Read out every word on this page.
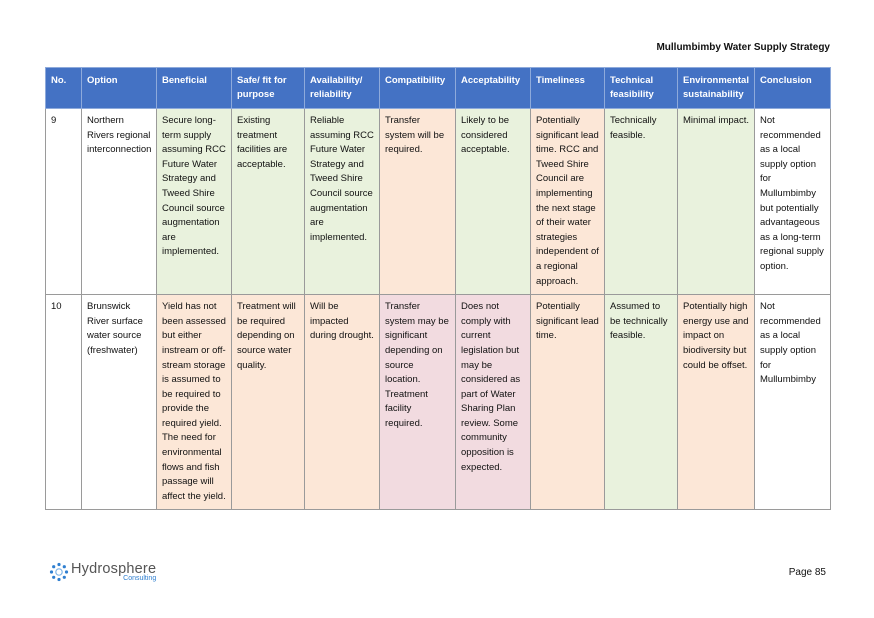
Mullumbimby Water Supply Strategy
No.	Option	Beneficial	Safe/ fit for purpose	Availability/ reliability	Compatibility	Acceptability	Timeliness	Technical feasibility	Environmental sustainability	Conclusion
9	Northern Rivers regional interconnection	Secure long-term supply assuming RCC Future Water Strategy and Tweed Shire Council source augmentation are implemented.	Existing treatment facilities are acceptable.	Reliable assuming RCC Future Water Strategy and Tweed Shire Council source augmentation are implemented.	Transfer system will be required.	Likely to be considered acceptable.	Potentially significant lead time. RCC and Tweed Shire Council are implementing the next stage of their water strategies independent of a regional approach.	Technically feasible.	Minimal impact.	Not recommended as a local supply option for Mullumbimby but potentially advantageous as a long-term regional supply option.
10	Brunswick River surface water source (freshwater)	Yield has not been assessed but either instream or off-stream storage is assumed to be required to provide the required yield. The need for environmental flows and fish passage will affect the yield.	Treatment will be required depending on source water quality.	Will be impacted during drought.	Transfer system may be significant depending on source location. Treatment facility required.	Does not comply with current legislation but may be considered as part of Water Sharing Plan review. Some community opposition is expected.	Potentially significant lead time.	Assumed to be technically feasible.	Potentially high energy use and impact on biodiversity but could be offset.	Not recommended as a local supply option for Mullumbimby
Hydrosphere
Consulting
Page 85
